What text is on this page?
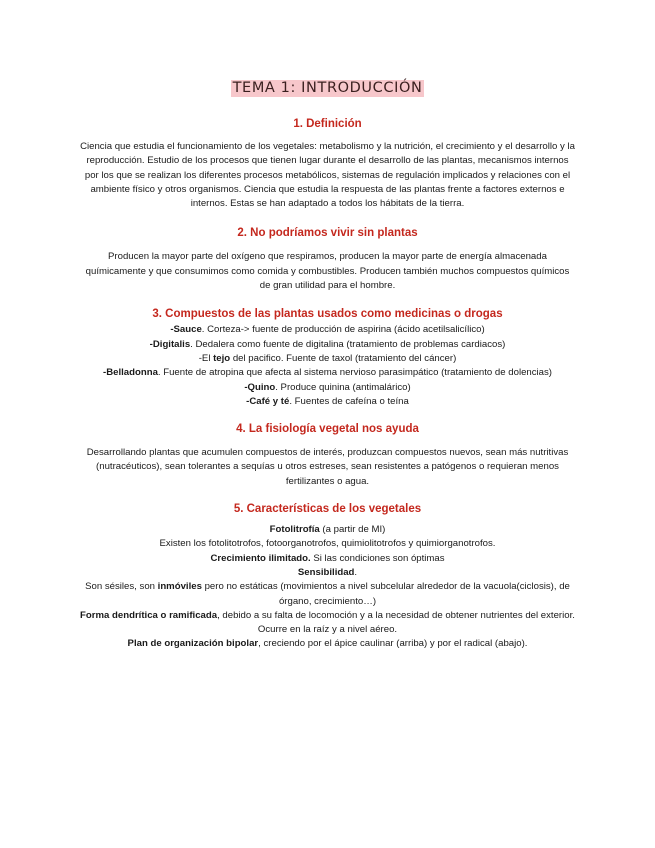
TEMA 1: INTRODUCCIÓN
1. Definición

Ciencia que estudia el funcionamiento de los vegetales: metabolismo y la nutrición, el crecimiento y el desarrollo y la reproducción. Estudio de los procesos que tienen lugar durante el desarrollo de las plantas, mecanismos internos por los que se realizan los diferentes procesos metabólicos, sistemas de regulación implicados y relaciones con el ambiente físico y otros organismos. Ciencia que estudia la respuesta de las plantas frente a factores externos e internos. Estas se han adaptado a todos los hábitats de la tierra.

2. No podríamos vivir sin plantas

Producen la mayor parte del oxígeno que respiramos, producen la mayor parte de energía almacenada químicamente y que consumimos como comida y combustibles. Producen también muchos compuestos químicos de gran utilidad para el hombre.

3. Compuestos de las plantas usados como medicinas o drogas

-Sauce. Corteza-> fuente de producción de aspirina (ácido acetilsalicílico)

-Digitalis. Dedalera como fuente de digitalina (tratamiento de problemas cardiacos)

-El tejo del pacifico. Fuente de taxol (tratamiento del cáncer)

-Belladonna. Fuente de atropina que afecta al sistema nervioso parasimpático (tratamiento de dolencias)

-Quino. Produce quinina (antimalárico)

-Café y té. Fuentes de cafeína o teína

4. La fisiología vegetal nos ayuda

Desarrollando plantas que acumulen compuestos de interés, produzcan compuestos nuevos, sean más nutritivas (nutracéuticos), sean tolerantes a sequías u otros estreses, sean resistentes a patógenos o requieran menos fertilizantes o agua.

5. Características de los vegetales

Fotolitrofía (a partir de MI)

Existen los fotolitotrofos, fotoorganotrofos, quimiolitotrofos y quimiorganotrofos.

Crecimiento ilimitado. Si las condiciones son óptimas

Sensibilidad.

Son sésiles, son inmóviles pero no estáticas (movimientos a nivel subcelular alrededor de la vacuola(ciclosis), de órgano, crecimiento…)

Forma dendrítica o ramificada, debido a su falta de locomoción y a la necesidad de obtener nutrientes del exterior. Ocurre en la raíz y a nivel aéreo.

Plan de organización bipolar, creciendo por el ápice caulinar (arriba) y por el radical (abajo).
